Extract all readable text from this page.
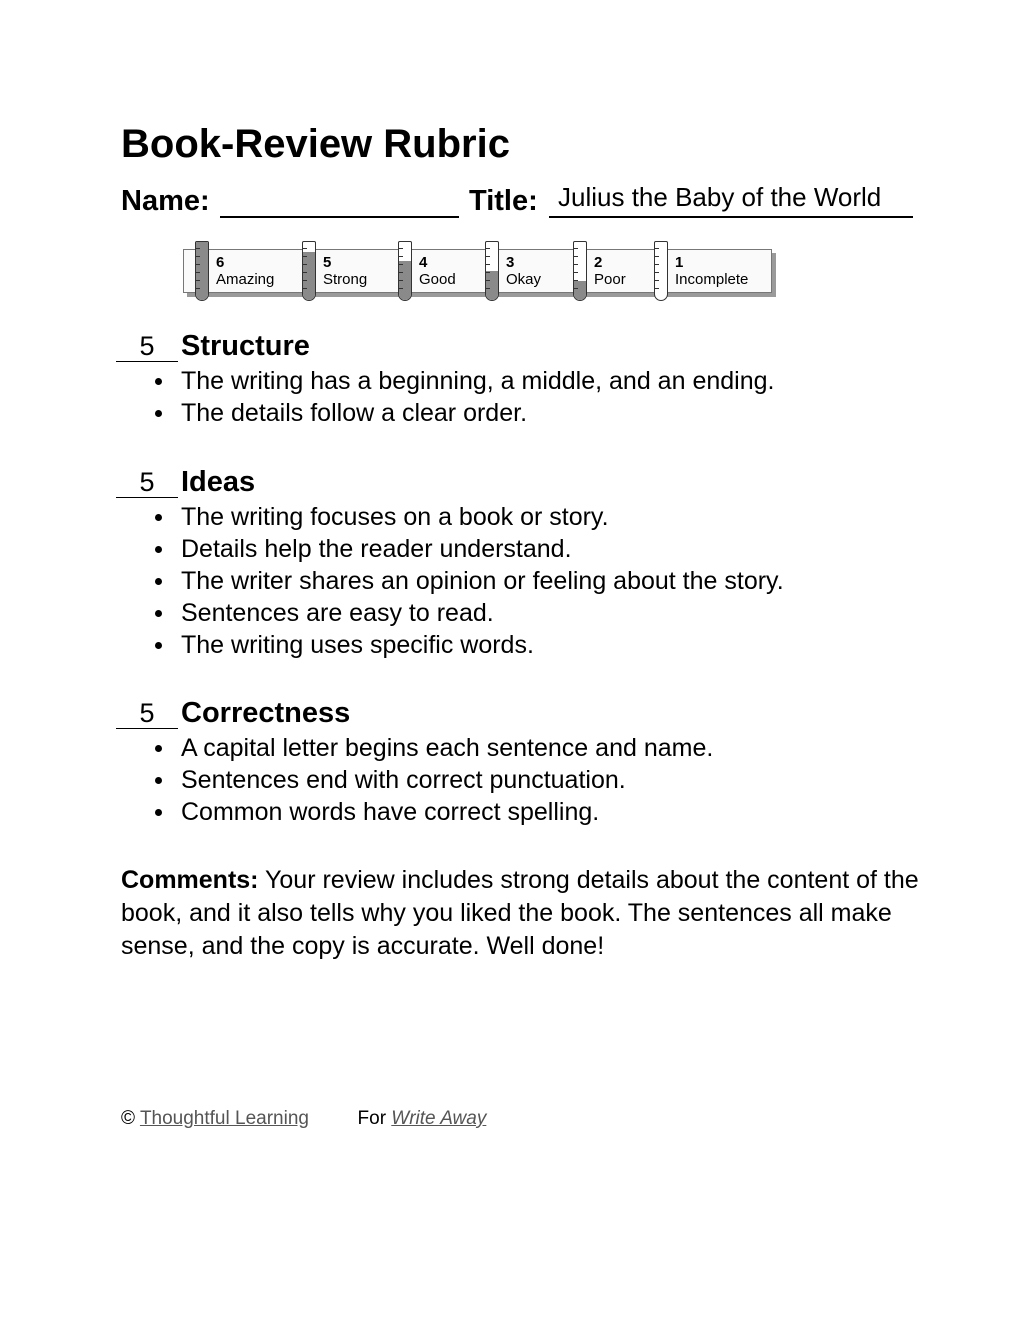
Book-Review Rubric
Name:	Title: Julius the Baby of the World
6
Amazing
5
Strong
4
Good
3
Okay
2
Poor
1
Incomplete
5 Structure
The writing has a beginning, a middle, and an ending.
The details follow a clear order.
5 Ideas
The writing focuses on a book or story.
Details help the reader understand.
The writer shares an opinion or feeling about the story.
Sentences are easy to read.
The writing uses specific words.
5 Correctness
A capital letter begins each sentence and name.
Sentences end with correct punctuation.
Common words have correct spelling.

Comments: Your review includes strong details about the content of the book, and it also tells why you liked the book. The sentences all make sense, and the copy is accurate. Well done!

© Thoughtful Learning	For Write Away
